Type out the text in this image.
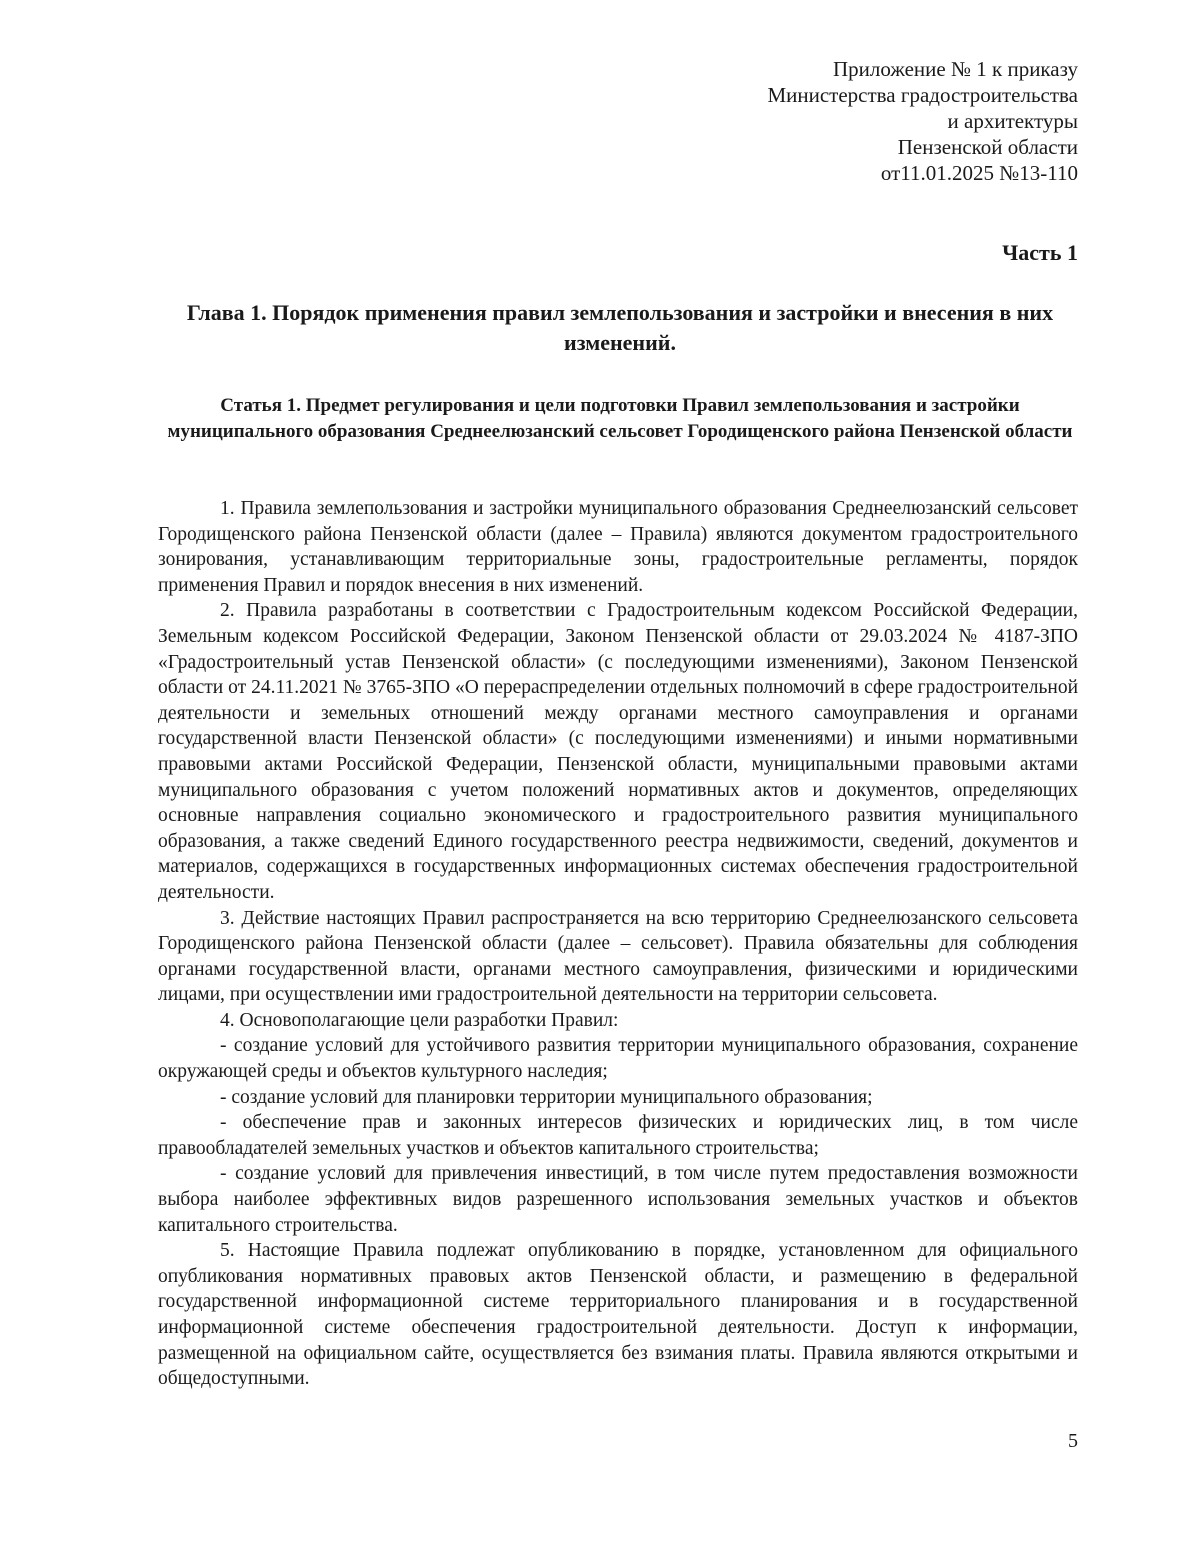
Приложение № 1 к приказу
Министерства градостроительства
и архитектуры
Пензенской области
от11.01.2025 №13-110
Часть 1
Глава 1. Порядок применения правил землепользования и застройки и внесения в них изменений.
Статья 1. Предмет регулирования и цели подготовки Правил землепользования и застройки муниципального образования Среднеелюзанский сельсовет Городищенского района Пензенской области

1. Правила землепользования и застройки муниципального образования Среднеелюзанский сельсовет Городищенского района Пензенской области (далее – Правила) являются документом градостроительного зонирования, устанавливающим территориальные зоны, градостроительные регламенты, порядок применения Правил и порядок внесения в них изменений.

2. Правила разработаны в соответствии с Градостроительным кодексом Российской Федерации, Земельным кодексом Российской Федерации, Законом Пензенской области от 29.03.2024 № 4187-ЗПО «Градостроительный устав Пензенской области» (с последующими изменениями), Законом Пензенской области от 24.11.2021 № 3765-ЗПО «О перераспределении отдельных полномочий в сфере градостроительной деятельности и земельных отношений между органами местного самоуправления и органами государственной власти Пензенской области» (с последующими изменениями) и иными нормативными правовыми актами Российской Федерации, Пензенской области, муниципальными правовыми актами муниципального образования с учетом положений нормативных актов и документов, определяющих основные направления социально экономического и градостроительного развития муниципального образования, а также сведений Единого государственного реестра недвижимости, сведений, документов и материалов, содержащихся в государственных информационных системах обеспечения градостроительной деятельности.

3. Действие настоящих Правил распространяется на всю территорию Среднеелюзанского сельсовета Городищенского района Пензенской области (далее – сельсовет). Правила обязательны для соблюдения органами государственной власти, органами местного самоуправления, физическими и юридическими лицами, при осуществлении ими градостроительной деятельности на территории сельсовета.

4. Основополагающие цели разработки Правил:

- создание условий для устойчивого развития территории муниципального образования, сохранение окружающей среды и объектов культурного наследия;

- создание условий для планировки территории муниципального образования;

- обеспечение прав и законных интересов физических и юридических лиц, в том числе правообладателей земельных участков и объектов капитального строительства;

- создание условий для привлечения инвестиций, в том числе путем предоставления возможности выбора наиболее эффективных видов разрешенного использования земельных участков и объектов капитального строительства.

5. Настоящие Правила подлежат опубликованию в порядке, установленном для официального опубликования нормативных правовых актов Пензенской области, и размещению в федеральной государственной информационной системе территориального планирования и в государственной информационной системе обеспечения градостроительной деятельности. Доступ к информации, размещенной на официальном сайте, осуществляется без взимания платы. Правила являются открытыми и общедоступными.

5
